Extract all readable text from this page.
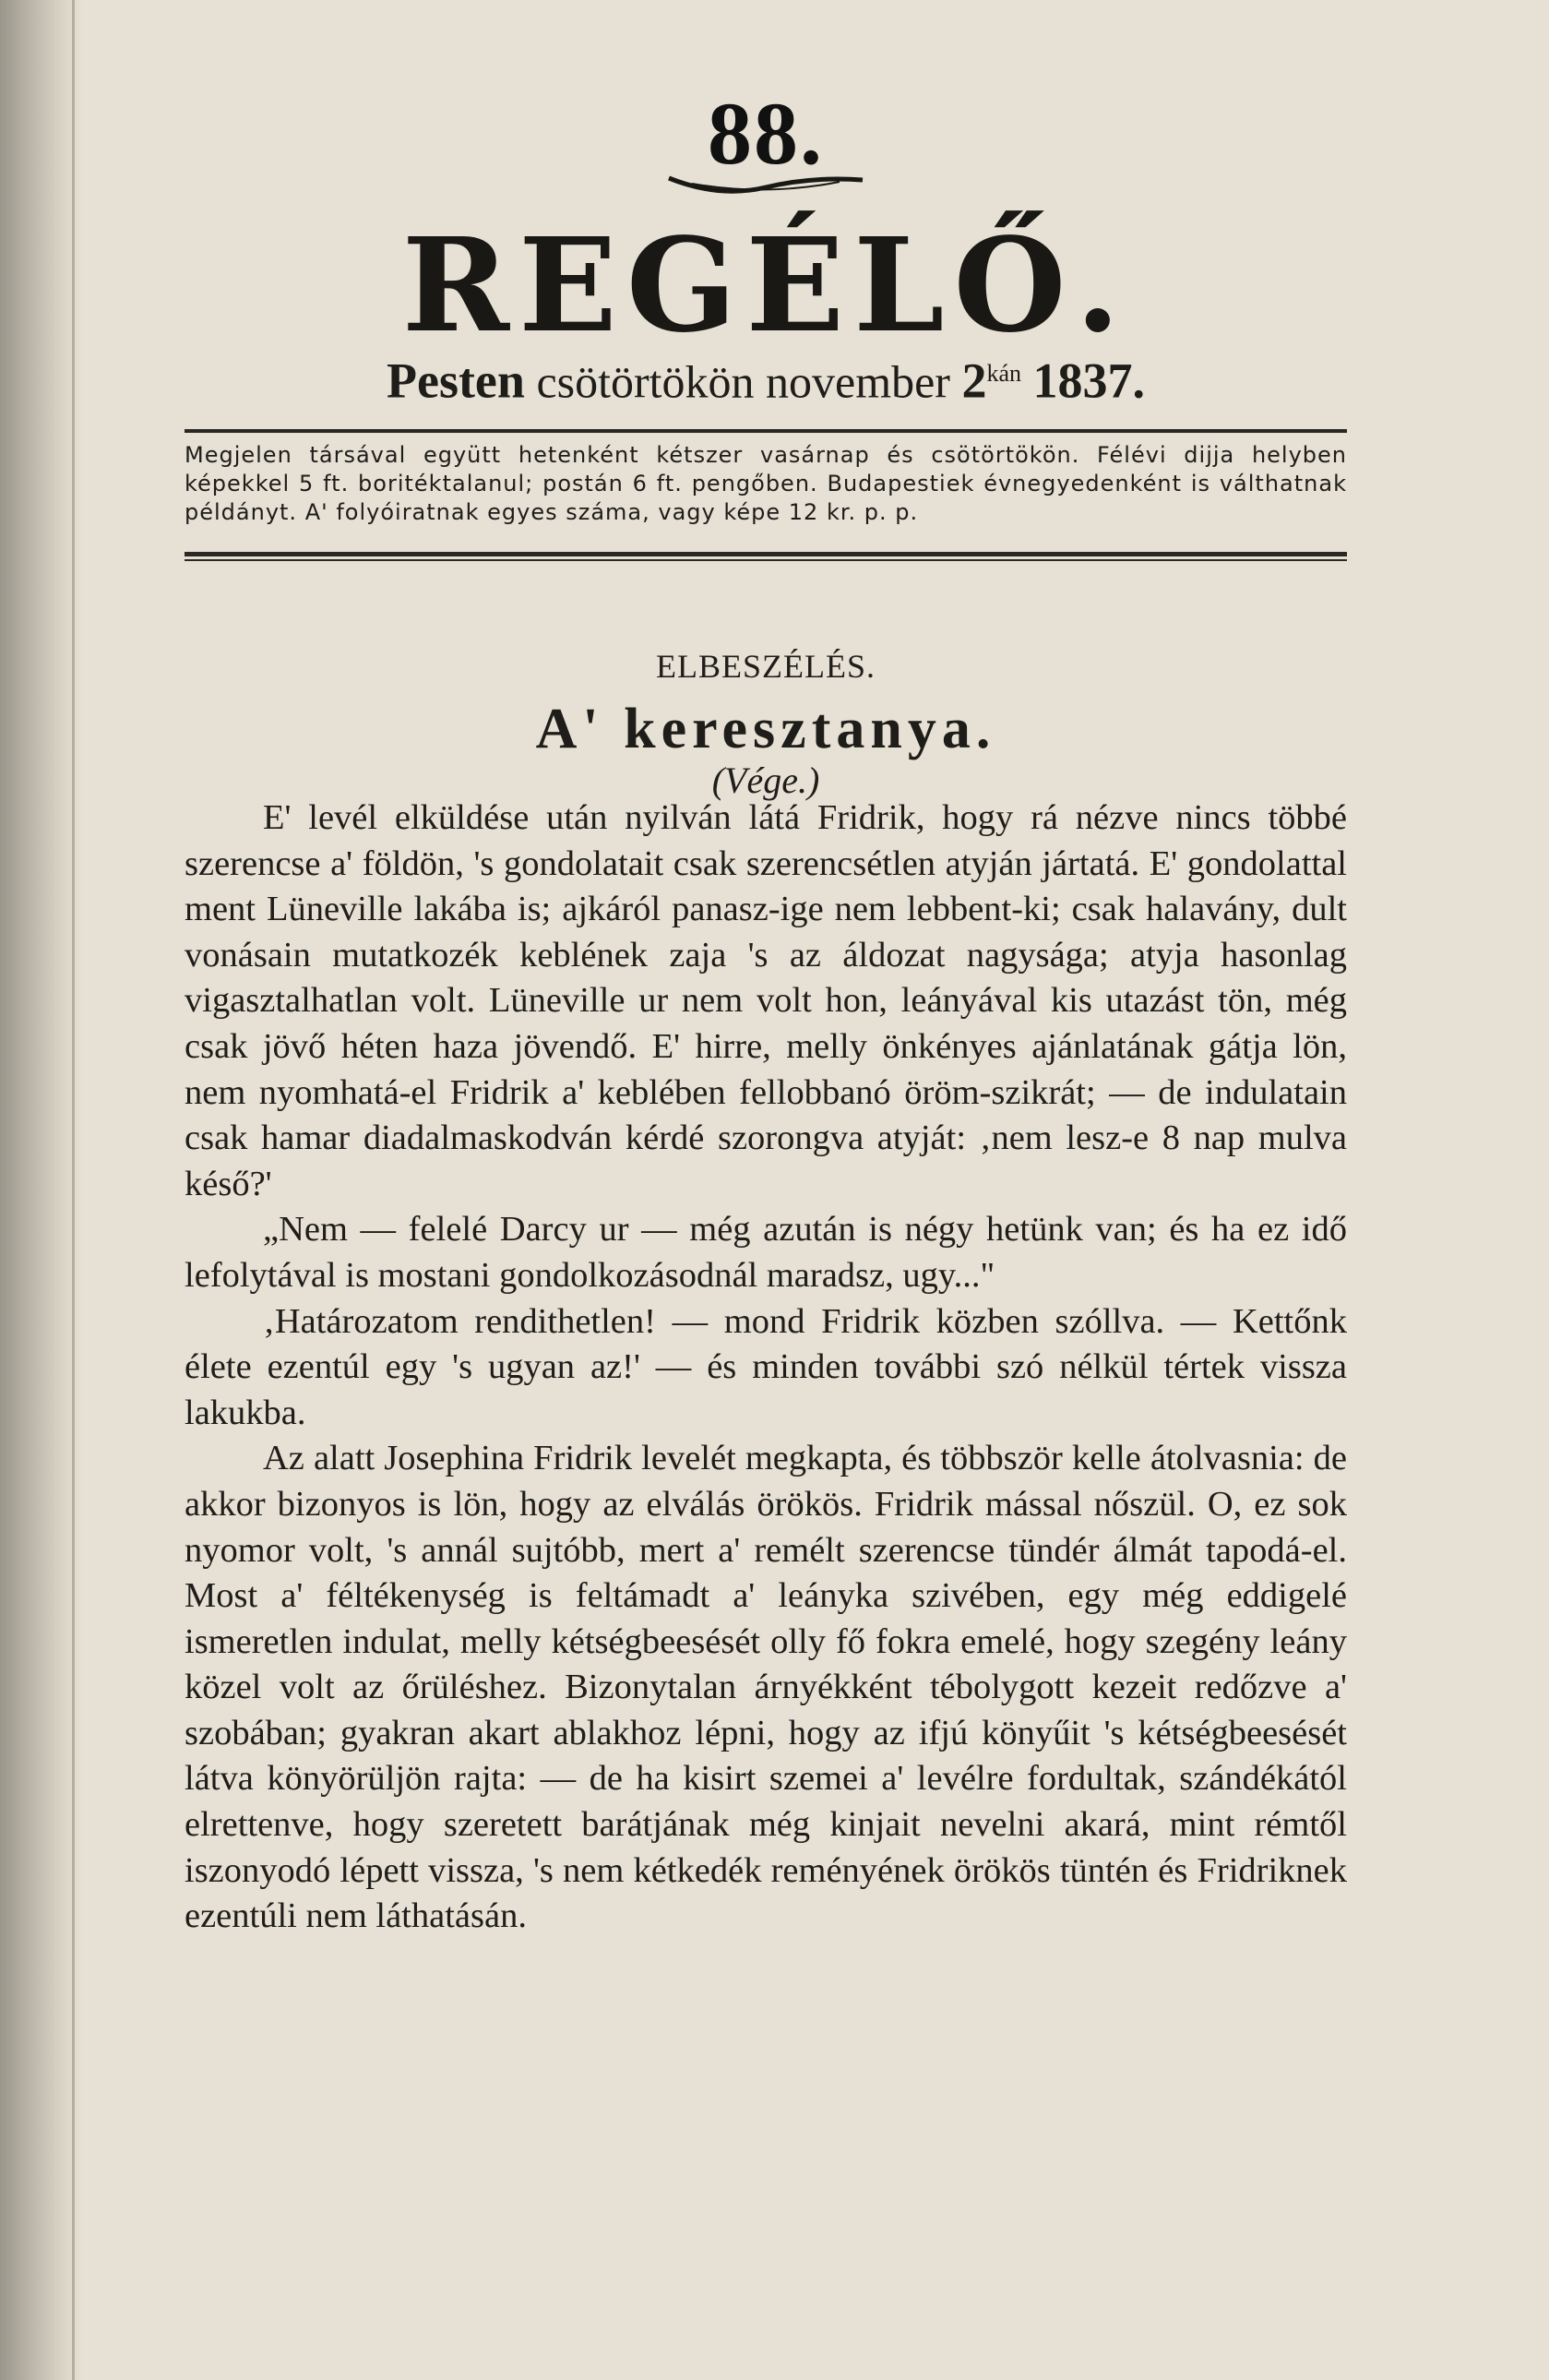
88.
REGÉLŐ.
Pesten csötörtökön november $2^{kán}$ 1837.
Megjelen társával együtt hetenként kétszer vasárnap és csötörtökön. Félévi dijja helyben képekkel 5 ft. boritéktalanul; postán 6 ft. pengőben. Budapestiek évnegyedenként is válthatnak példányt. A' folyóiratnak egyes száma, vagy képe 12 kr. p. p.
ELBESZÉLÉS.
A' keresztanya.
(Vége.)

E' levél elküldése után nyilván látá Fridrik, hogy rá nézve nincs többé szerencse a' földön, 's gondolatait csak szerencsétlen atyján jártatá. E' gondolattal ment Lüneville lakába is; ajkáról panasz-ige nem lebbent-ki; csak halavány, dult vonásain mutatkozék keblének zaja 's az áldozat nagysága; atyja hasonlag vigasztalhatlan volt. Lüneville ur nem volt hon, leányával kis utazást tön, még csak jövő héten haza jövendő. E' hirre, melly önkényes ajánlatának gátja lön, nem nyomhatá-el Fridrik a' keblében fellobbanó öröm-szikrát; — de indulatain csak hamar diadalmaskodván kérdé szorongva atyját: ‚nem lesz-e 8 nap mulva késő?'

„Nem — felelé Darcy ur — még azután is négy hetünk van; és ha ez idő lefolytával is mostani gondolkozásodnál maradsz, ugy..."

‚Határozatom rendithetlen! — mond Fridrik közben szóllva. — Kettőnk élete ezentúl egy 's ugyan az!' — és minden további szó nélkül tértek vissza lakukba.

Az alatt Josephina Fridrik levelét megkapta, és többször kelle átolvasnia: de akkor bizonyos is lön, hogy az elválás örökös. Fridrik mással nőszül. O, ez sok nyomor volt, 's annál sujtóbb, mert a' remélt szerencse tündér álmát tapodá-el. Most a' féltékenység is feltámadt a' leányka szivében, egy még eddigelé ismeretlen indulat, melly kétségbeesését olly fő fokra emelé, hogy szegény leány közel volt az őrüléshez. Bizonytalan árnyékként tébolygott kezeit redőzve a' szobában; gyakran akart ablakhoz lépni, hogy az ifjú könyűit 's kétségbeesését látva könyörüljön rajta: — de ha kisirt szemei a' levélre fordultak, szándékától elrettenve, hogy szeretett barátjának még kinjait nevelni akará, mint rémtől iszonyodó lépett vissza, 's nem kétkedék reményének örökös tüntén és Fridriknek ezentúli nem láthatásán.
